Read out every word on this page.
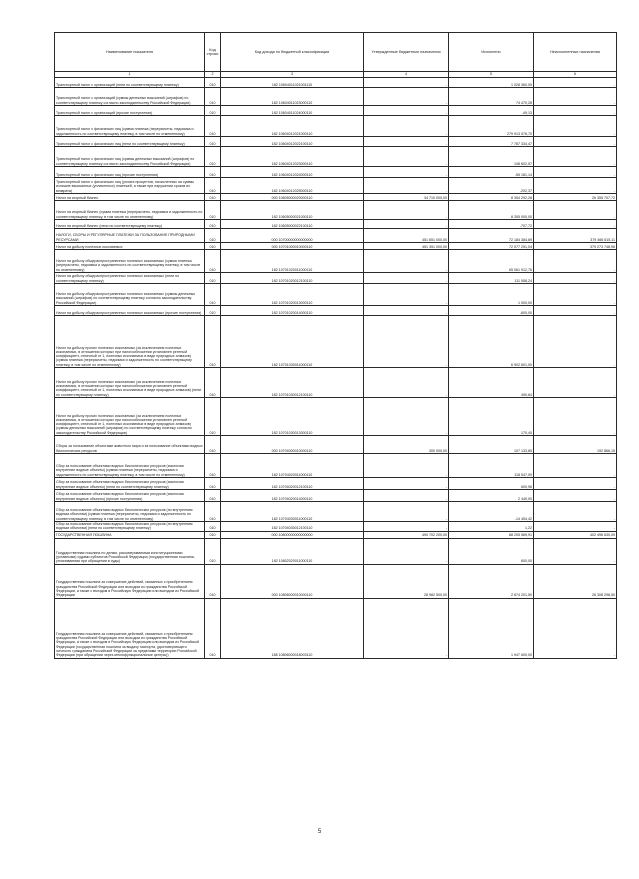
Наименование показателя	Код строки	Код дохода по бюджетной классификации	Утвержденные бюджетные назначения	Исполнено	Неисполненные назначения
1	2	3	4	5	6
Транспортный налог с организаций (пени по соответствующему платежу)	010	182 10604011021001110	-	1 028 360,09	-
Транспортный налог с организаций (суммы денежных взысканий (штрафов) по соответствующему платежу согласно законодательству Российской Федерации)	010	182 10604011023000110	-	74 470,28	-
Транспортный налог с организаций (прочие поступления)	010	182 10604011024000110	-	-49,13	-
Транспортный налог с физических лиц (сумма платежа (перерасчеты, недоимка и задолженность по соответствующему платежу, в том числе по отмененному)	010	182 10604012021000110	-	279 913 076,70	-
Транспортный налог с физических лиц (пени по соответствующему платежу)	010	182 10604012022100110	-	7 787 334,47	-
Транспортный налог с физических лиц (суммы денежных взысканий (штрафов) по соответствующему платежу согласно законодательству Российской Федерации)	010	182 10604012023000110	-	108 602,57	-
Транспортный налог с физических лиц (прочие поступления)	010	182 10604012024000110	-	-55 181,14	-
Транспортный налог с физических лиц (уплата процентов, начисленных на суммы излишне взысканных (уплаченных) платежей, а также при нарушении сроков их возврата)	010	182 10604012025000110	-	-202,37	-
Налог на игорный бизнес	010	000 10605000020000110	34 710 000,00	8 354 292,28	26 355 707,72
Налог на игорный бизнес (сумма платежа (перерасчеты, недоимка и задолженность по соответствующему платежу, в том числе по отмененному)	010	182 10605000021000110	-	8 355 000,00	-
Налог на игорный бизнес (пени по соответствующему платежу)	010	182 10605000022100110	-	-707,72	-
НАЛОГИ, СБОРЫ И РЕГУЛЯРНЫЕ ПЛАТЕЖИ ЗА ПОЛЬЗОВАНИЕ ПРИРОДНЫМИ РЕСУРСАМИ	010	000 10700000000000000	451 651 000,00	72 184 384,89	379 466 615,11
Налог на добычу полезных ископаемых	010	000 10701000010000110	451 351 000,00	72 077 251,04	379 273 748,96
Налог на добычу общераспространенных полезных ископаемых (сумма платежа (перерасчеты, недоимка и задолженность по соответствующему платежу, в том числе по отмененному)	010	182 10701020011000110	-	65 061 912,76	-
Налог на добычу общераспространенных полезных ископаемых (пени по соответствующему платежу)	010	182 10701020012100110	-	111 558,24	-
Налог на добычу общераспространенных полезных ископаемых (суммы денежных взысканий (штрафов) по соответствующему платежу согласно законодательству Российской Федерации)	010	182 10701020013000110	-	1 000,00	-
Налог на добычу общераспространенных полезных ископаемых (прочие поступления)	010	182 10701020014000110	-	-600,00	-
Налог на добычу прочих полезных ископаемых (за исключением полезных ископаемых, в отношении которых при налогообложении установлен рентный коэффициент, отличный от 1, полезных ископаемых в виде природных алмазов) (сумма платежа (перерасчеты, недоимка и задолженность по соответствующему платежу, в том числе по отмененному)	010	182 10701030011000110	-	6 902 601,00	-
Налог на добычу прочих полезных ископаемых (за исключением полезных ископаемых, в отношении которых при налогообложении установлен рентный коэффициент, отличный от 1, полезных ископаемых в виде природных алмазов) (пени по соответствующему платежу)	010	182 10701030012100110	-	490,64	-
Налог на добычу прочих полезных ископаемых (за исключением полезных ископаемых, в отношении которых при налогообложении установлен рентный коэффициент, отличный от 1, полезных ископаемых в виде природных алмазов) (суммы денежных взысканий (штрафов) по соответствующему платежу согласно законодательству Российской Федерации)	010	182 10701030013000110	-	170,40	-
Сборы за пользование объектами животного мира и за пользование объектами водных биологических ресурсов	010	000 10704000010000110	300 000,00	107 133,85	192 866,15
Сбор за пользование объектами водных биологических ресурсов (исключая внутренние водные объекты) (сумма платежа (перерасчеты, недоимка и задолженность по соответствующему платежу, в том числе по отмененному)	010	182 10704020011000110	-	118 547,09	-
Сбор за пользование объектами водных биологических ресурсов (исключая внутренние водные объекты) (пени по соответствующему платежу)	010	182 10704020012100110	-	600,96	-
Сбор за пользование объектами водных биологических ресурсов (исключая внутренние водные объекты) (прочие поступления)	010	182 10704020014000110	-	2 440,00	-
Сбор за пользование объектами водных биологических ресурсов (по внутренним водным объектам) (сумма платежа (перерасчеты, недоимка и задолженность по соответствующему платежу, в том числе по отмененному)	010	182 10704030011000110	-	-14 454,42	-
Сбор за пользование объектами водных биологических ресурсов (по внутренним водным объектам) (пени по соответствующему платежу)	010	182 10704030012100110	-	1,22	-
ГОСУДАРСТВЕННАЯ ПОШЛИНА	010	000 10800000000000000	490 702 200,00	88 205 569,91	402 496 630,09
Государственная пошлина по делам, рассматриваемым конституционными (уставными) судами субъектов Российской Федерации (государственная пошлина, уплачиваемая при обращении в суды)	010	182 10802020011000110	-	600,00	-
Государственная пошлина за совершение действий, связанных с приобретением гражданства Российской Федерации или выходом из гражданства Российской Федерации, а также с въездом в Российскую Федерацию или выездом из Российской Федерации	010	000 10806000010000110	28 982 500,00	2 674 201,50	26 308 298,50
Государственная пошлина за совершение действий, связанных с приобретением гражданства Российской Федерации или выходом из гражданства Российской Федерации, а также с въездом в Российскую Федерацию или выездом из Российской Федерации (государственная пошлина за выдачу паспорта, удостоверяющего личность гражданина Российской Федерации за пределами территории Российской Федерации (при обращении через многофункциональные центры))	010	188 10806000018003110	-	1 947 600,00	-
5
